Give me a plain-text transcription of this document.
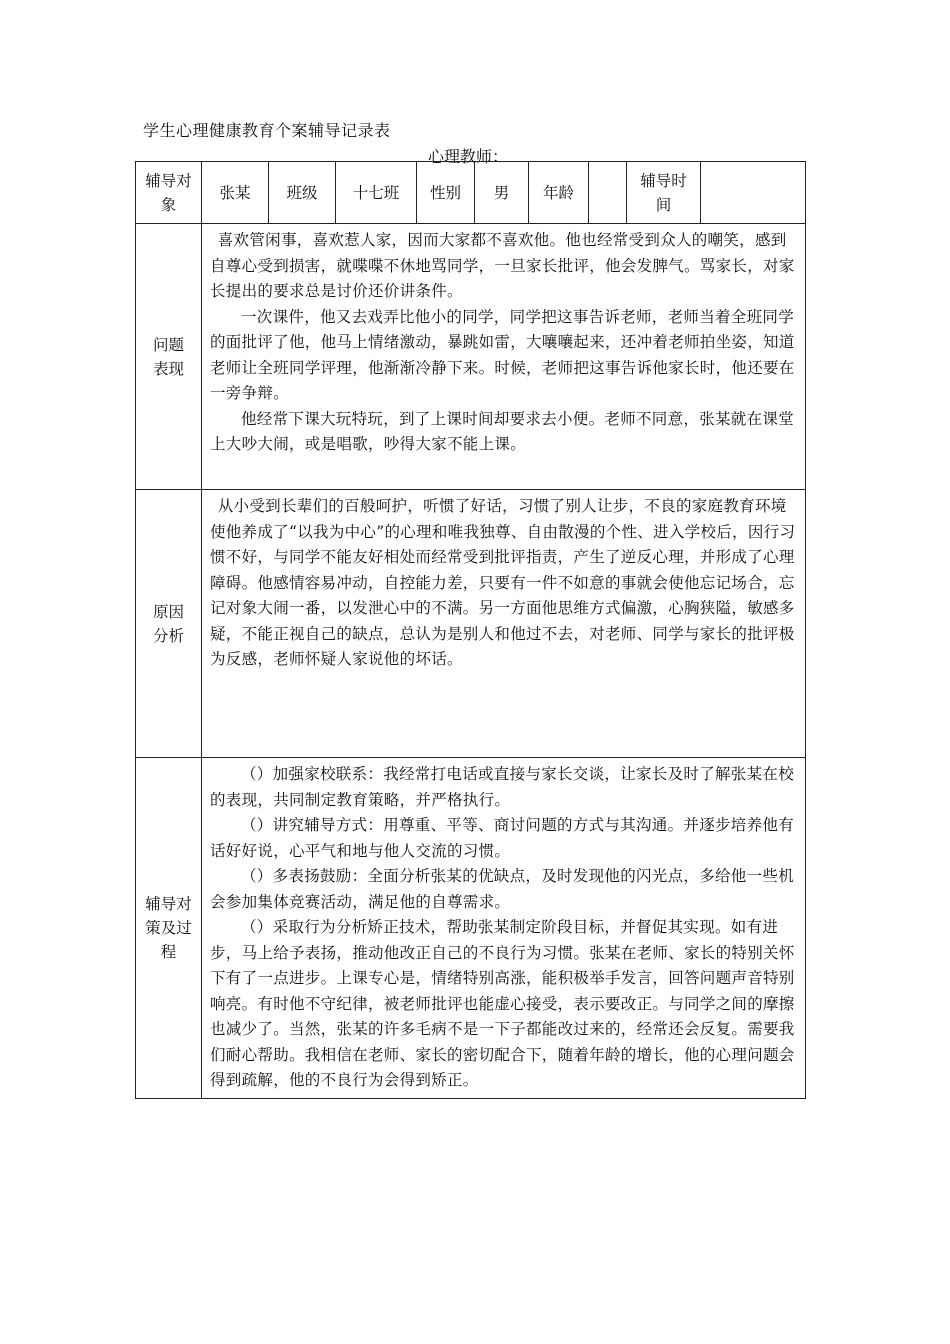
学生心理健康教育个案辅导记录表
心理教师：
辅导对象	张某	班级	十七班	性别	男	年龄		辅导时间	

问题表现	喜欢管闲事，喜欢惹人家，因而大家都不喜欢他。他也经常受到众人的嘲笑，感到自尊心受到损害，就喋喋不休地骂同学，一旦家长批评，他会发脾气。骂家长，对家长提出的要求总是讨价还价讲条件。

一次课件，他又去戏弄比他小的同学，同学把这事告诉老师，老师当着全班同学的面批评了他，他马上情绪激动，暴跳如雷，大嚷嚷起来，还冲着老师拍坐姿，知道老师让全班同学评理，他渐渐冷静下来。时候，老师把这事告诉他家长时，他还要在一旁争辩。

他经常下课大玩特玩，到了上课时间却要求去小便。老师不同意，张某就在课堂上大吵大闹，或是唱歌，吵得大家不能上课。								

原因分析	从小受到长辈们的百般呵护，听惯了好话，习惯了别人让步，不良的家庭教育环境使他养成了“以我为中心”的心理和唯我独尊、自由散漫的个性、进入学校后，因行习惯不好，与同学不能友好相处而经常受到批评指责，产生了逆反心理，并形成了心理障碍。他感情容易冲动，自控能力差，只要有一件不如意的事就会使他忘记场合，忘记对象大闹一番，以发泄心中的不满。另一方面他思维方式偏激，心胸狭隘，敏感多疑，不能正视自己的缺点，总认为是别人和他过不去，对老师、同学与家长的批评极为反感，老师怀疑人家说他的坏话。								

辅导对策及过程	（）加强家校联系：我经常打电话或直接与家长交谈，让家长及时了解张某在校的表现，共同制定教育策略，并严格执行。

（）讲究辅导方式：用尊重、平等、商讨问题的方式与其沟通。并逐步培养他有话好好说，心平气和地与他人交流的习惯。

（）多表扬鼓励：全面分析张某的优缺点，及时发现他的闪光点，多给他一些机会参加集体竞赛活动，满足他的自尊需求。

（）采取行为分析矫正技术，帮助张某制定阶段目标，并督促其实现。如有进步，马上给予表扬，推动他改正自己的不良行为习惯。张某在老师、家长的特别关怀下有了一点进步。上课专心是，情绪特别高涨，能积极举手发言，回答问题声音特别响亮。有时他不守纪律，被老师批评也能虚心接受，表示要改正。与同学之间的摩擦也减少了。当然，张某的许多毛病不是一下子都能改过来的，经常还会反复。需要我们耐心帮助。我相信在老师、家长的密切配合下，随着年龄的增长，他的心理问题会得到疏解，他的不良行为会得到矫正。								
